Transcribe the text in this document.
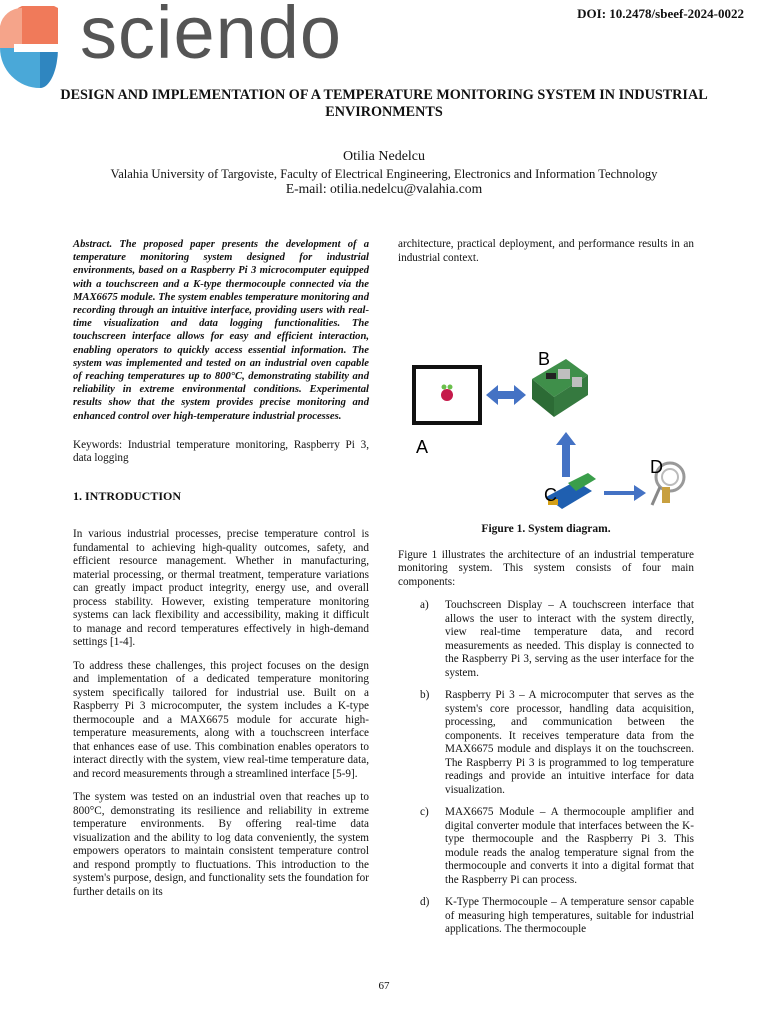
sciendo	DOI: 10.2478/sbeef-2024-0022
DESIGN AND IMPLEMENTATION OF A TEMPERATURE MONITORING SYSTEM IN INDUSTRIAL ENVIRONMENTS
Otilia Nedelcu
Valahia University of Targoviste, Faculty of Electrical Engineering, Electronics and Information Technology
E-mail: otilia.nedelcu@valahia.com

Abstract. The proposed paper presents the development of a temperature monitoring system designed for industrial environments, based on a Raspberry Pi 3 microcomputer equipped with a touchscreen and a K-type thermocouple connected via the MAX6675 module. The system enables temperature monitoring and recording through an intuitive interface, providing users with real-time visualization and data logging functionalities. The touchscreen interface allows for easy and efficient interaction, enabling operators to quickly access essential information. The system was implemented and tested on an industrial oven capable of reaching temperatures up to 800°C, demonstrating stability and reliability in extreme environmental conditions. Experimental results show that the system provides precise monitoring and enhanced control over high-temperature industrial processes.

Keywords: Industrial temperature monitoring, Raspberry Pi 3, data logging

1. INTRODUCTION

In various industrial processes, precise temperature control is fundamental to achieving high-quality outcomes, safety, and efficient resource management. Whether in manufacturing, material processing, or thermal treatment, temperature variations can greatly impact product integrity, energy use, and overall process stability. However, existing temperature monitoring systems can lack flexibility and accessibility, making it difficult to manage and record temperatures effectively in high-demand settings [1-4].

To address these challenges, this project focuses on the design and implementation of a dedicated temperature monitoring system specifically tailored for industrial use. Built on a Raspberry Pi 3 microcomputer, the system includes a K-type thermocouple and a MAX6675 module for accurate high-temperature measurements, along with a touchscreen interface that enhances ease of use. This combination enables operators to interact directly with the system, view real-time temperature data, and record measurements through a streamlined interface [5-9].

The system was tested on an industrial oven that reaches up to 800°C, demonstrating its resilience and reliability in extreme temperature environments. By offering real-time data visualization and the ability to log data conveniently, the system empowers operators to maintain consistent temperature control and respond promptly to fluctuations. This introduction to the system's purpose, design, and functionality sets the foundation for further details on its

architecture, practical deployment, and performance results in an industrial context.

A
B
C
D
Figure 1. System diagram.

Figure 1 illustrates the architecture of an industrial temperature monitoring system. This system consists of four main components:

a) Touchscreen Display – A touchscreen interface that allows the user to interact with the system directly, view real-time temperature data, and record measurements as needed. This display is connected to the Raspberry Pi 3, serving as the user interface for the system.
b) Raspberry Pi 3 – A microcomputer that serves as the system's core processor, handling data acquisition, processing, and communication between the components. It receives temperature data from the MAX6675 module and displays it on the touchscreen. The Raspberry Pi 3 is programmed to log temperature readings and provide an intuitive interface for data visualization.
c) MAX6675 Module – A thermocouple amplifier and digital converter module that interfaces between the K-type thermocouple and the Raspberry Pi 3. This module reads the analog temperature signal from the thermocouple and converts it into a digital format that the Raspberry Pi can process.
d) K-Type Thermocouple – A temperature sensor capable of measuring high temperatures, suitable for industrial applications. The thermocouple
67
